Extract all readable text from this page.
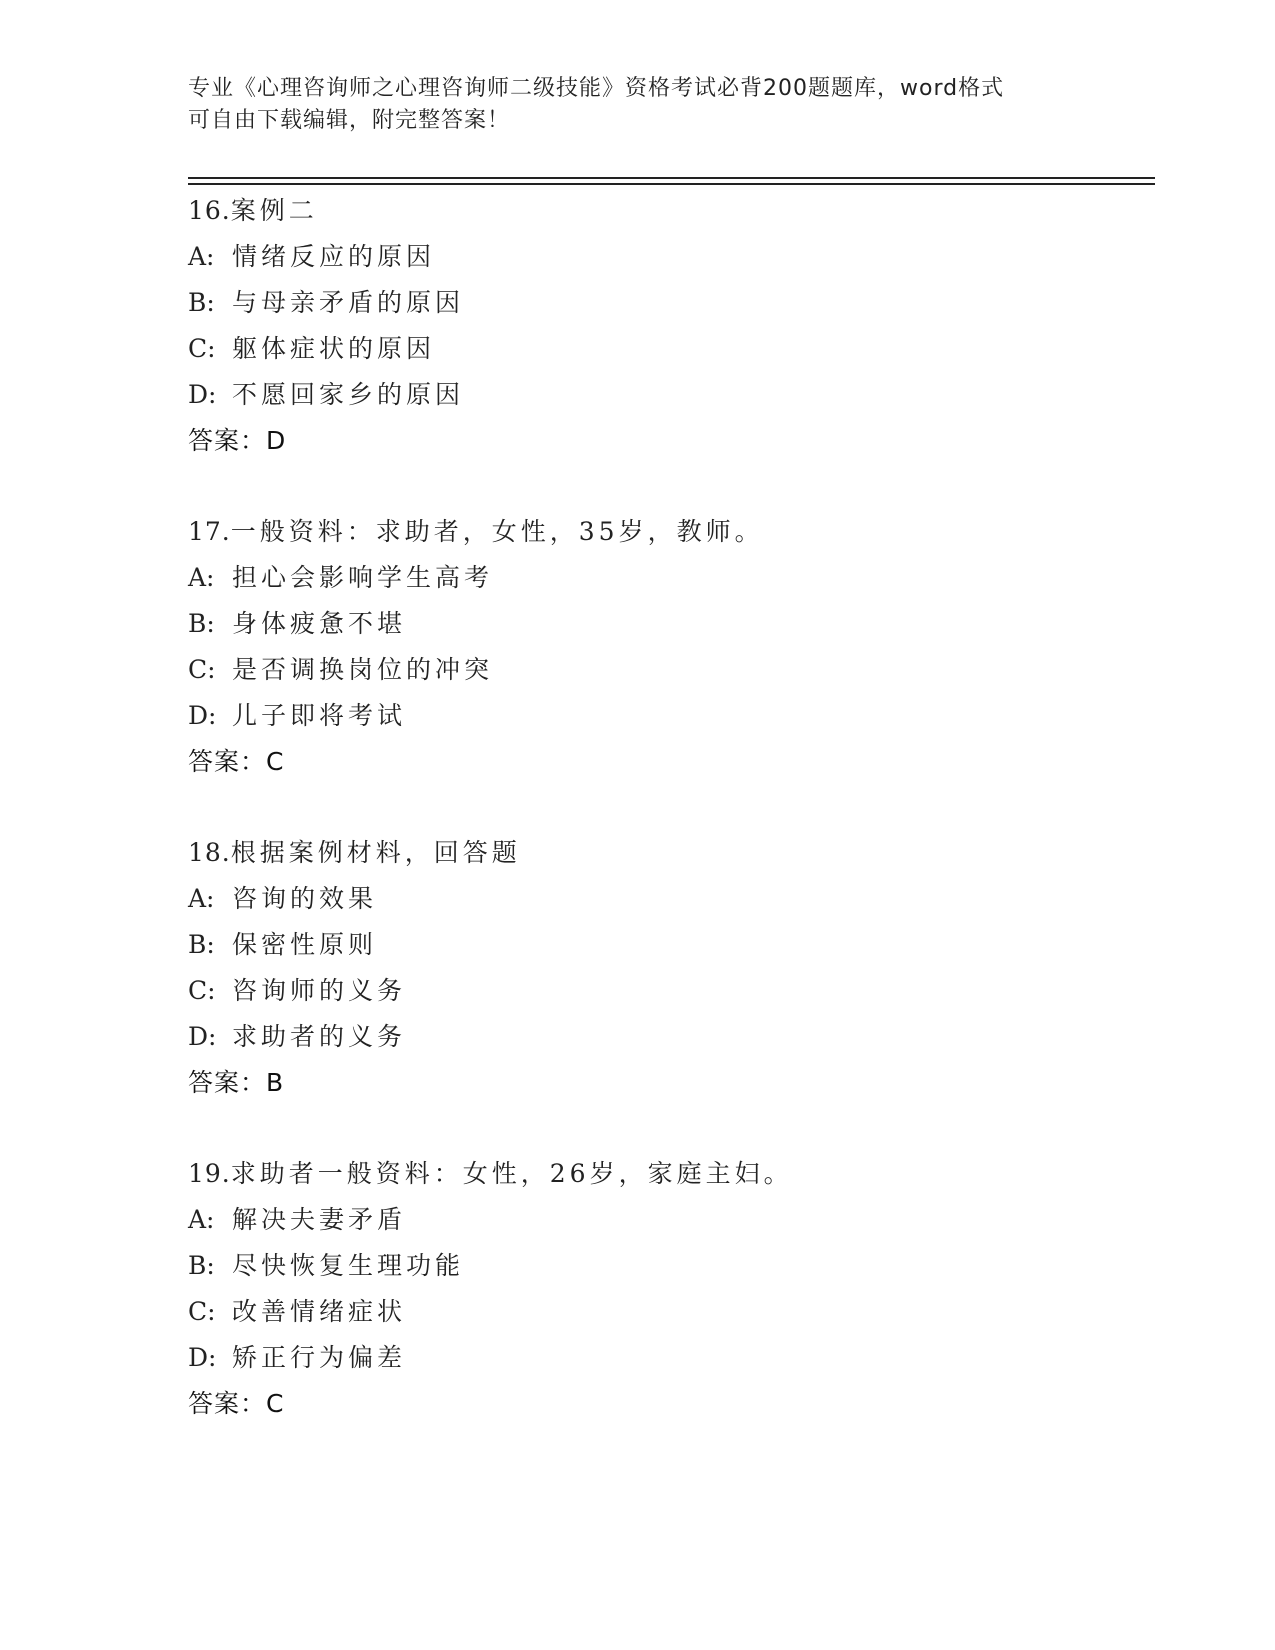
专业《心理咨询师之心理咨询师二级技能》资格考试必背200题题库，word格式

可自由下载编辑，附完整答案！

16.案例二
A: 情绪反应的原因
B: 与母亲矛盾的原因
C: 躯体症状的原因
D: 不愿回家乡的原因
答案：D
17.一般资料：求助者，女性，35岁，教师。
A: 担心会影响学生高考
B: 身体疲惫不堪
C: 是否调换岗位的冲突
D: 儿子即将考试
答案：C
18.根据案例材料，回答题
A: 咨询的效果
B: 保密性原则
C: 咨询师的义务
D: 求助者的义务
答案：B
19.求助者一般资料：女性，26岁，家庭主妇。
A: 解决夫妻矛盾
B: 尽快恢复生理功能
C: 改善情绪症状
D: 矫正行为偏差
答案：C
